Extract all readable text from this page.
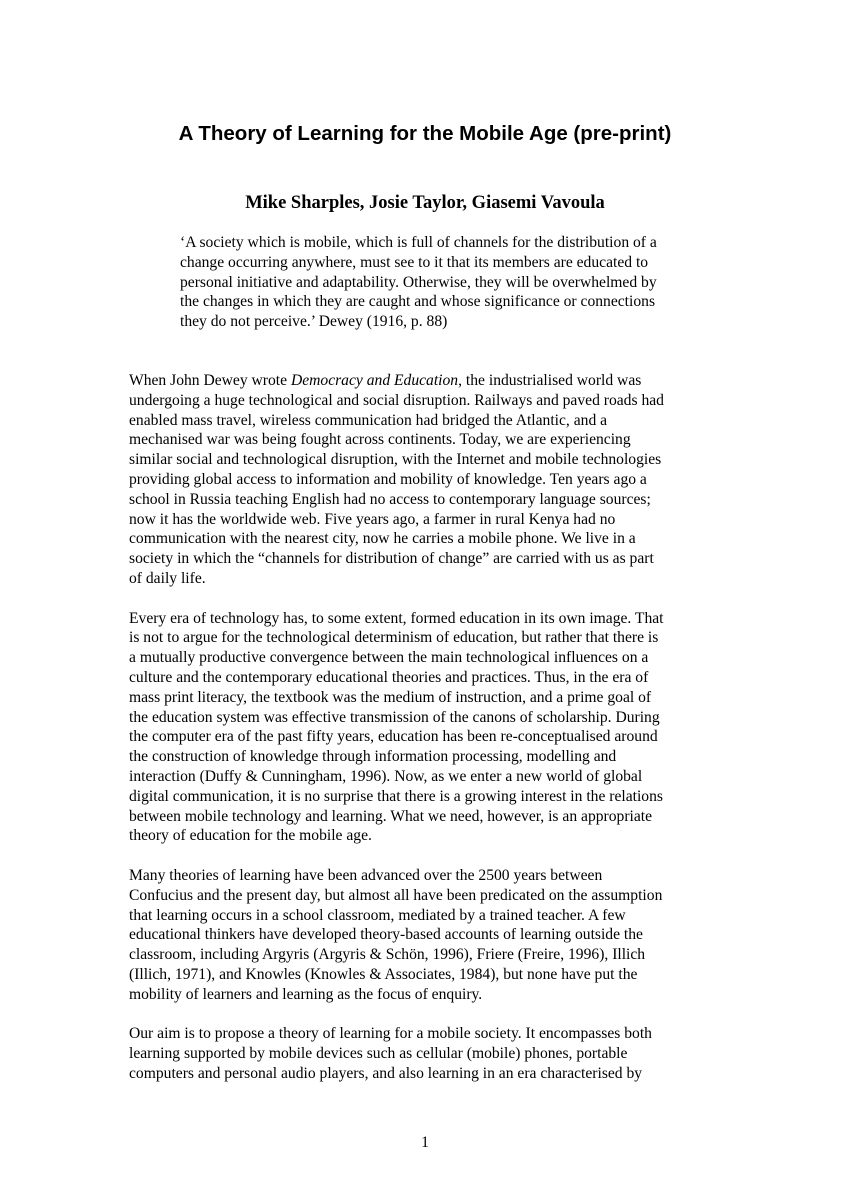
A Theory of Learning for the Mobile Age (pre-print)
Mike Sharples, Josie Taylor, Giasemi Vavoula
‘A society which is mobile, which is full of channels for the distribution of a
change occurring anywhere, must see to it that its members are educated to
personal initiative and adaptability. Otherwise, they will be overwhelmed by
the changes in which they are caught and whose significance or connections
they do not perceive.’ Dewey (1916, p. 88)

When John Dewey wrote Democracy and Education, the industrialised world was
undergoing a huge technological and social disruption. Railways and paved roads had
enabled mass travel, wireless communication had bridged the Atlantic, and a
mechanised war was being fought across continents. Today, we are experiencing
similar social and technological disruption, with the Internet and mobile technologies
providing global access to information and mobility of knowledge. Ten years ago a
school in Russia teaching English had no access to contemporary language sources;
now it has the worldwide web. Five years ago, a farmer in rural Kenya had no
communication with the nearest city, now he carries a mobile phone. We live in a
society in which the “channels for distribution of change” are carried with us as part
of daily life.

Every era of technology has, to some extent, formed education in its own image. That
is not to argue for the technological determinism of education, but rather that there is
a mutually productive convergence between the main technological influences on a
culture and the contemporary educational theories and practices. Thus, in the era of
mass print literacy, the textbook was the medium of instruction, and a prime goal of
the education system was effective transmission of the canons of scholarship. During
the computer era of the past fifty years, education has been re-conceptualised around
the construction of knowledge through information processing, modelling and
interaction (Duffy & Cunningham, 1996). Now, as we enter a new world of global
digital communication, it is no surprise that there is a growing interest in the relations
between mobile technology and learning. What we need, however, is an appropriate
theory of education for the mobile age.

Many theories of learning have been advanced over the 2500 years between
Confucius and the present day, but almost all have been predicated on the assumption
that learning occurs in a school classroom, mediated by a trained teacher. A few
educational thinkers have developed theory-based accounts of learning outside the
classroom, including Argyris (Argyris & Schön, 1996), Friere (Freire, 1996), Illich
(Illich, 1971), and Knowles (Knowles & Associates, 1984), but none have put the
mobility of learners and learning as the focus of enquiry.

Our aim is to propose a theory of learning for a mobile society. It encompasses both
learning supported by mobile devices such as cellular (mobile) phones, portable
computers and personal audio players, and also learning in an era characterised by

1
